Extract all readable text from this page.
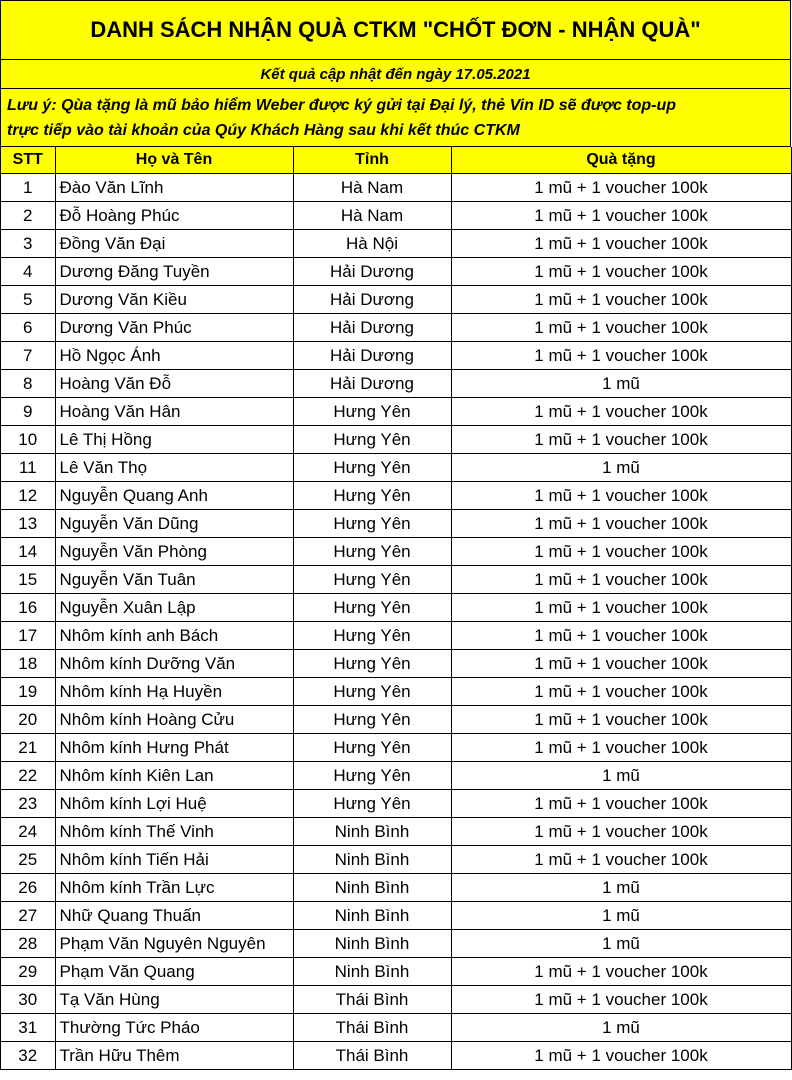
DANH SÁCH NHẬN QUÀ CTKM "CHỐT ĐƠN - NHẬN QUÀ"
Kết quả cập nhật đến ngày 17.05.2021
Lưu ý: Qùa tặng là mũ bảo hiểm Weber được ký gửi tại Đại lý, thẻ Vin ID sẽ được top-up
trực tiếp vào tài khoản của Qúy Khách Hàng sau khi kết thúc CTKM
STT	Họ và Tên	Tỉnh	Quà tặng
1	Đào Văn Lĩnh	Hà Nam	1 mũ + 1 voucher 100k
2	Đỗ Hoàng Phúc	Hà Nam	1 mũ + 1 voucher 100k
3	Đồng Văn Đại	Hà Nội	1 mũ + 1 voucher 100k
4	Dương Đăng Tuyền	Hải Dương	1 mũ + 1 voucher 100k
5	Dương Văn Kiều	Hải Dương	1 mũ + 1 voucher 100k
6	Dương Văn Phúc	Hải Dương	1 mũ + 1 voucher 100k
7	Hồ Ngọc Ánh	Hải Dương	1 mũ + 1 voucher 100k
8	Hoàng Văn Đỗ	Hải Dương	1 mũ
9	Hoàng Văn Hân	Hưng Yên	1 mũ + 1 voucher 100k
10	Lê Thị Hồng	Hưng Yên	1 mũ + 1 voucher 100k
11	Lê Văn Thọ	Hưng Yên	1 mũ
12	Nguyễn Quang Anh	Hưng Yên	1 mũ + 1 voucher 100k
13	Nguyễn Văn Dũng	Hưng Yên	1 mũ + 1 voucher 100k
14	Nguyễn Văn Phòng	Hưng Yên	1 mũ + 1 voucher 100k
15	Nguyễn Văn Tuân	Hưng Yên	1 mũ + 1 voucher 100k
16	Nguyễn Xuân Lập	Hưng Yên	1 mũ + 1 voucher 100k
17	Nhôm kính anh Bách	Hưng Yên	1 mũ + 1 voucher 100k
18	Nhôm kính Dưỡng Văn	Hưng Yên	1 mũ + 1 voucher 100k
19	Nhôm kính Hạ Huyền	Hưng Yên	1 mũ + 1 voucher 100k
20	Nhôm kính Hoàng Cửu	Hưng Yên	1 mũ + 1 voucher 100k
21	Nhôm kính Hưng Phát	Hưng Yên	1 mũ + 1 voucher 100k
22	Nhôm kính Kiên Lan	Hưng Yên	1 mũ
23	Nhôm kính Lợi Huệ	Hưng Yên	1 mũ + 1 voucher 100k
24	Nhôm kính Thế Vinh	Ninh Bình	1 mũ + 1 voucher 100k
25	Nhôm kính Tiến Hải	Ninh Bình	1 mũ + 1 voucher 100k
26	Nhôm kính Trần Lực	Ninh Bình	1 mũ
27	Nhữ Quang Thuấn	Ninh Bình	1 mũ
28	Phạm Văn Nguyên Nguyên	Ninh Bình	1 mũ
29	Phạm Văn Quang	Ninh Bình	1 mũ + 1 voucher 100k
30	Tạ Văn Hùng	Thái Bình	1 mũ + 1 voucher 100k
31	Thường Tức Pháo	Thái Bình	1 mũ
32	Trần Hữu Thêm	Thái Bình	1 mũ + 1 voucher 100k
